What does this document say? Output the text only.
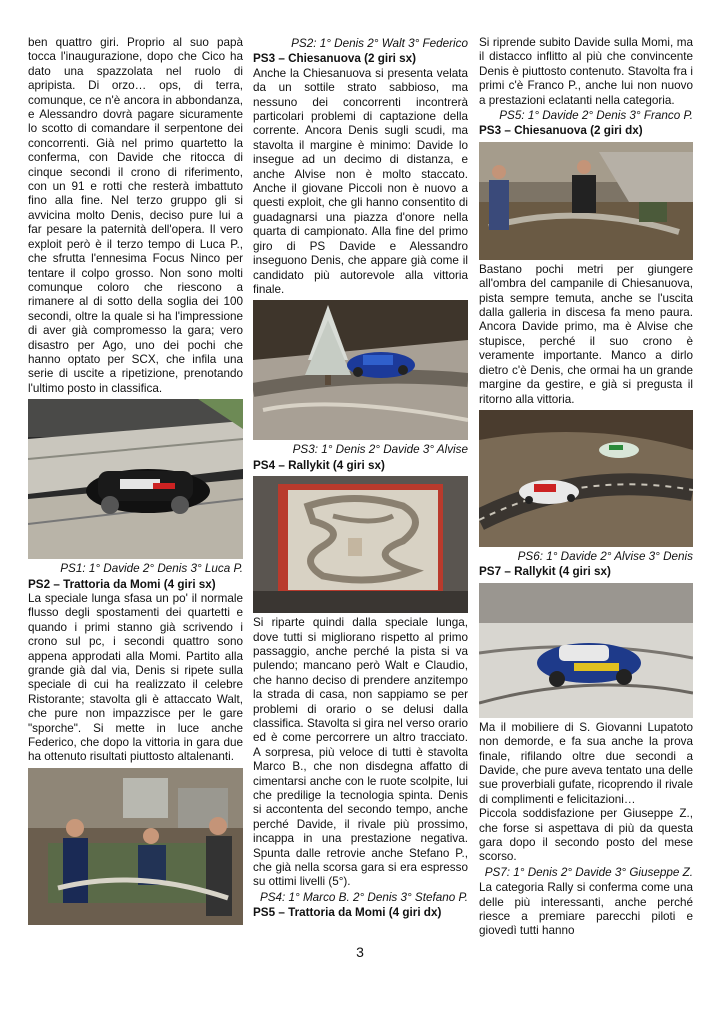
ben quattro giri. Proprio al suo papà tocca l'inaugurazione, dopo che Cico ha dato una spazzolata nel ruolo di apripista. Di orzo… ops, di terra, comunque, ce n'è ancora in abbondanza, e Alessandro dovrà pagare sicuramente lo scotto di comandare il serpentone dei concorrenti. Già nel primo quartetto la conferma, con Davide che ritocca di cinque secondi il crono di riferimento, con un 91 e rotti che resterà imbattuto fino alla fine. Nel terzo gruppo gli si avvicina molto Denis, deciso pure lui a far pesare la paternità dell'opera. Il vero exploit però è il terzo tempo di Luca P., che sfrutta l'ennesima Focus Ninco per tentare il colpo grosso. Non sono molti comunque coloro che riescono a rimanere al di sotto della soglia dei 100 secondi, oltre la quale si ha l'impressione di aver già compromesso la gara; vero disastro per Ago, uno dei pochi che hanno optato per SCX, che infila una serie di uscite a ripetizione, prenotando l'ultimo posto in classifica.

PS1: 1° Davide 2° Denis 3° Luca P.

PS2 – Trattoria da Momi (4 giri sx)

La speciale lunga sfasa un po' il normale flusso degli spostamenti dei quartetti e quando i primi stanno già scrivendo i crono sul pc, i secondi quattro sono appena approdati alla Momi. Partito alla grande già dal via, Denis si ripete sulla speciale di cui ha realizzato il celebre Ristorante; stavolta gli è attaccato Walt, che pure non impazzisce per le gare "sporche". Si mette in luce anche Federico, che dopo la vittoria in gara due ha ottenuto risultati piuttosto altalenanti.

PS2: 1° Denis 2° Walt 3° Federico

PS3 – Chiesanuova (2 giri sx)

Anche la Chiesanuova si presenta velata da un sottile strato sabbioso, ma nessuno dei concorrenti incontrerà particolari problemi di captazione della corrente. Ancora Denis sugli scudi, ma stavolta il margine è minimo: Davide lo insegue ad un decimo di distanza, e anche Alvise non è molto staccato. Anche il giovane Piccoli non è nuovo a questi exploit, che gli hanno consentito di guadagnarsi una piazza d'onore nella quarta di campionato. Alla fine del primo giro di PS Davide e Alessandro inseguono Denis, che appare già come il candidato più autorevole alla vittoria finale.

PS3: 1° Denis 2° Davide 3° Alvise

PS4 – Rallykit (4 giri sx)

Si riparte quindi dalla speciale lunga, dove tutti si migliorano rispetto al primo passaggio, anche perché la pista si va pulendo; mancano però Walt e Claudio, che hanno deciso di prendere anzitempo la strada di casa, non sappiamo se per problemi di orario o se delusi dalla classifica. Stavolta si gira nel verso orario ed è come percorrere un altro tracciato. A sorpresa, più veloce di tutti è stavolta Marco B., che non disdegna affatto di cimentarsi anche con le ruote scolpite, lui che predilige la tecnologia spinta. Denis si accontenta del secondo tempo, anche perché Davide, il rivale più prossimo, incappa in una prestazione negativa. Spunta dalle retrovie anche Stefano P., che già nella scorsa gara si era espresso su ottimi livelli (5°).

PS4: 1° Marco B. 2° Denis 3° Stefano P.

PS5 – Trattoria da Momi (4 giri dx)

Si riprende subito Davide sulla Momi, ma il distacco inflitto al più che convincente Denis è piuttosto contenuto. Stavolta fra i primi c'è Franco P., anche lui non nuovo a prestazioni eclatanti nella categoria.

PS5: 1° Davide 2° Denis 3° Franco P.

PS3 – Chiesanuova (2 giri dx)

Bastano pochi metri per giungere all'ombra del campanile di Chiesanuova, pista sempre temuta, anche se l'uscita dalla galleria in discesa fa meno paura. Ancora Davide primo, ma è Alvise che stupisce, perché il suo crono è veramente importante. Manco a dirlo dietro c'è Denis, che ormai ha un grande margine da gestire, e già si pregusta il ritorno alla vittoria.

PS6: 1° Davide 2° Alvise 3° Denis

PS7 – Rallykit (4 giri sx)

Ma il mobiliere di S. Giovanni Lupatoto non demorde, e fa sua anche la prova finale, rifilando oltre due secondi a Davide, che pure aveva tentato una delle sue proverbiali gufate, ricoprendo il rivale di complimenti e felicitazioni…

Piccola soddisfazione per Giuseppe Z., che forse si aspettava di più da questa gara dopo il secondo posto del mese scorso.

PS7: 1° Denis 2° Davide 3° Giuseppe Z.

La categoria Rally si conferma come una delle più interessanti, anche perché riesce a premiare parecchi piloti e giovedì tutti hanno

3
